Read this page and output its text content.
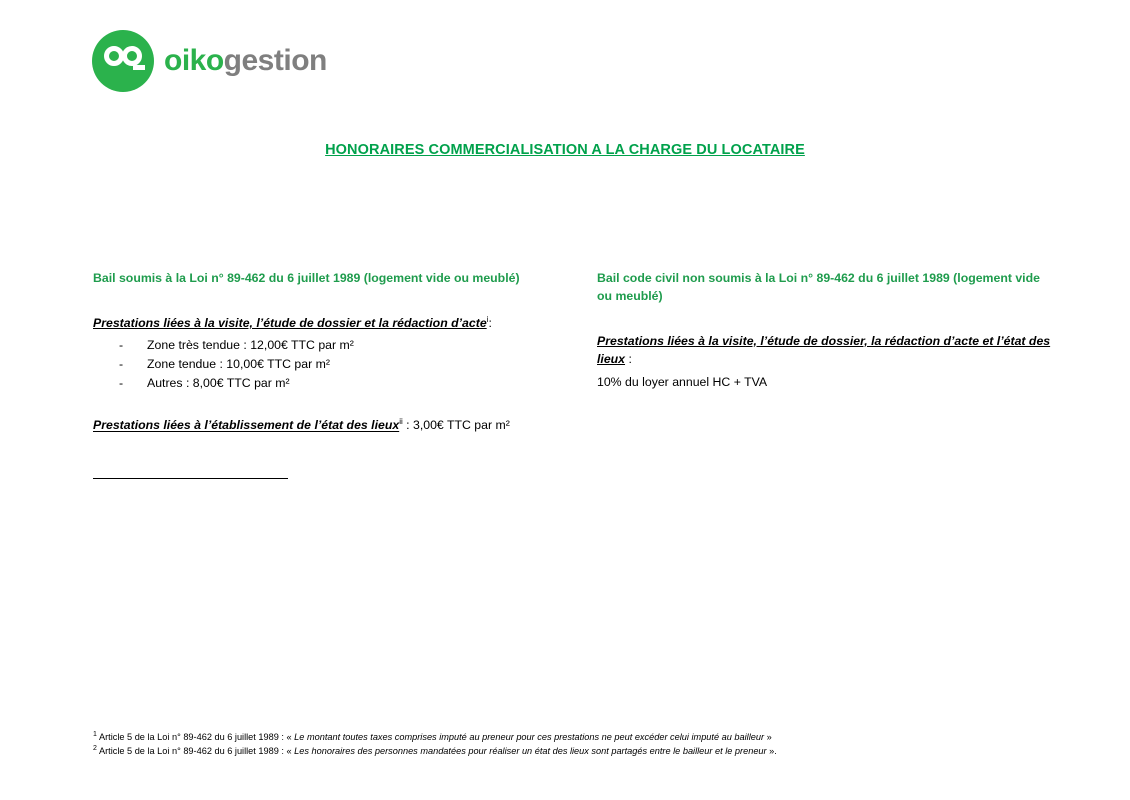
oikogestion
HONORAIRES COMMERCIALISATION A LA CHARGE DU LOCATAIRE

Bail soumis à la Loi n° 89-462 du 6 juillet 1989 (logement vide ou meublé)

Prestations liées à la visite, l’étude de dossier et la rédaction d’acte$^i$:

- Zone très tendue : 12,00€ TTC par m²
- Zone tendue : 10,00€ TTC par m²
- Autres : 8,00€ TTC par m²

Prestations liées à l’établissement de l’état des lieux$^{ii}$ : 3,00€ TTC par m²

Bail code civil non soumis à la Loi n° 89-462 du 6 juillet 1989 (logement vide ou meublé)

Prestations liées à la visite, l’étude de dossier, la rédaction d’acte et l’état des lieux :

10% du loyer annuel HC + TVA

$^1$ Article 5 de la Loi n° 89-462 du 6 juillet 1989 : « Le montant toutes taxes comprises imputé au preneur pour ces prestations ne peut excéder celui imputé au bailleur »
$^2$ Article 5 de la Loi n° 89-462 du 6 juillet 1989 : « Les honoraires des personnes mandatées pour réaliser un état des lieux sont partagés entre le bailleur et le preneur ».
